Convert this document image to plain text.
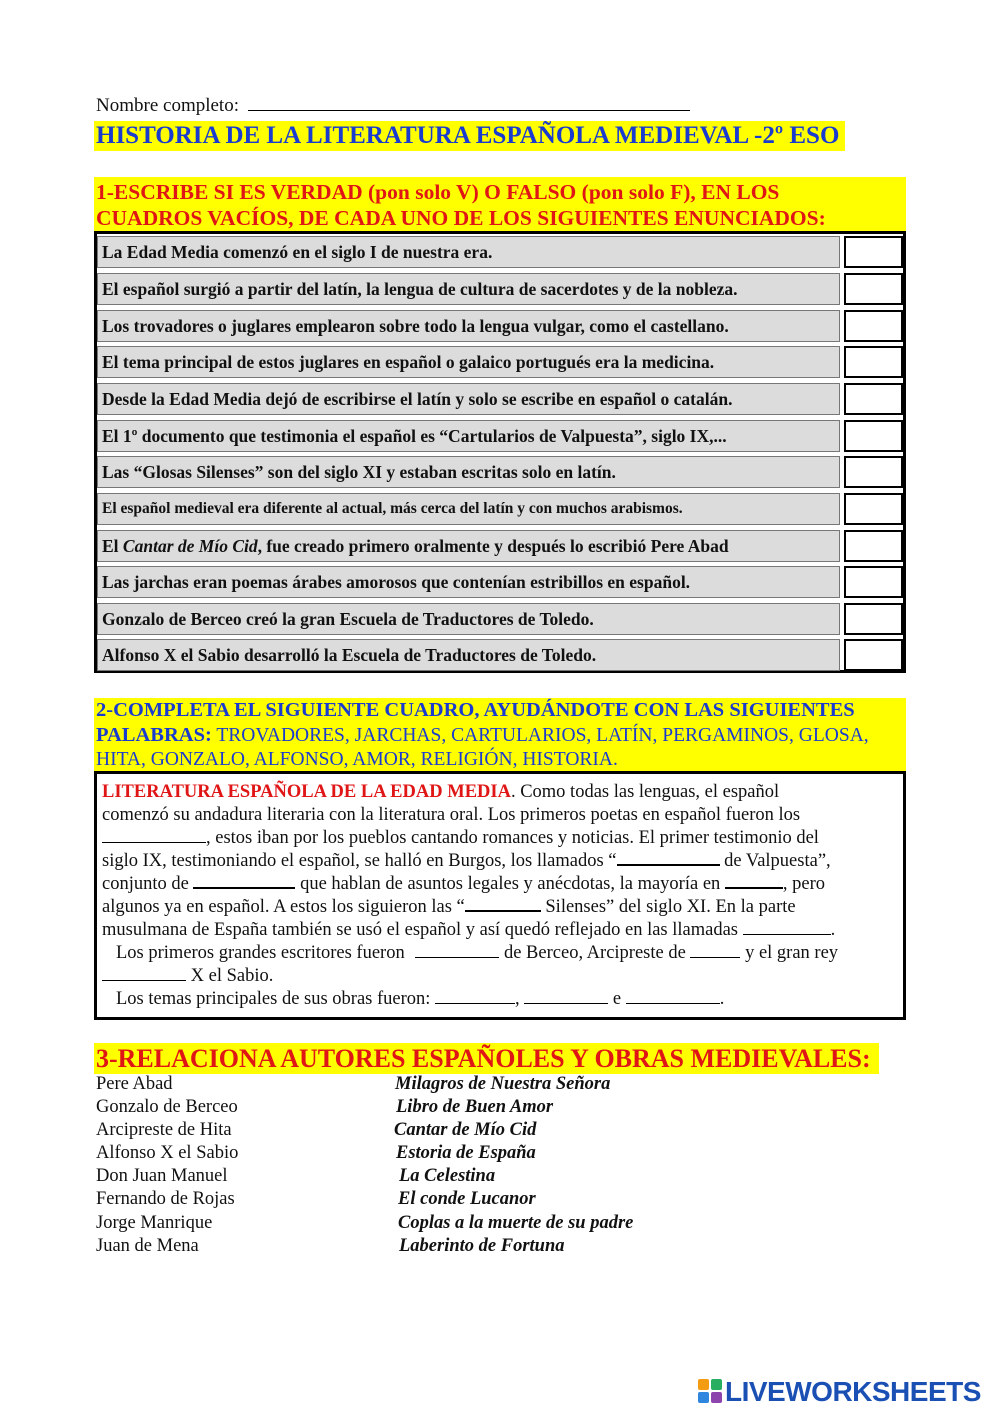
Nombre completo:
HISTORIA DE LA LITERATURA ESPAÑOLA MEDIEVAL -2º ESO
1-ESCRIBE SI ES VERDAD (pon solo V) O FALSO (pon solo F), EN LOS
CUADROS VACÍOS, DE CADA UNO DE LOS SIGUIENTES ENUNCIADOS:
La Edad Media comenzó en el siglo I de nuestra era.
El español surgió a partir del latín, la lengua de cultura de sacerdotes y de la nobleza.
Los trovadores o juglares emplearon sobre todo la lengua vulgar, como el castellano.
El tema principal de estos juglares en español o galaico portugués era la medicina.
Desde la Edad Media dejó de escribirse el latín y solo se escribe en español o catalán.
El 1º documento que testimonia el español es “Cartularios de Valpuesta”, siglo IX,...
Las “Glosas Silenses” son del siglo XI y estaban escritas solo en latín.
El español medieval era diferente al actual, más cerca del latín y con muchos arabismos.
El Cantar de Mío Cid, fue creado primero oralmente y después lo escribió Pere Abad
Las jarchas eran poemas árabes amorosos que contenían estribillos en español.
Gonzalo de Berceo creó la gran Escuela de Traductores de Toledo.
Alfonso X el Sabio desarrolló la Escuela de Traductores de Toledo.
2-COMPLETA EL SIGUIENTE CUADRO, AYUDÁNDOTE CON LAS SIGUIENTES
PALABRAS: TROVADORES, JARCHAS, CARTULARIOS, LATÍN, PERGAMINOS, GLOSA,
HITA, GONZALO, ALFONSO, AMOR, RELIGIÓN, HISTORIA.
LITERATURA ESPAÑOLA DE LA EDAD MEDIA. Como todas las lenguas, el español
comenzó su andadura literaria con la literatura oral. Los primeros poetas en español fueron los
, estos iban por los pueblos cantando romances y noticias. El primer testimonio del
siglo IX, testimoniando el español, se halló en Burgos, los llamados “	de Valpuesta”,
conjunto de	que hablan de asuntos legales y anécdotas, la mayoría en	, pero
algunos ya en español. A estos los siguieron las “	Silenses” del siglo XI. En la parte
musulmana de España también se usó el español y así quedó reflejado en las llamadas	.
Los primeros grandes escritores fueron	de Berceo, Arcipreste de	y el gran rey
X el Sabio.
Los temas principales de sus obras fueron:	,	e	.
3-RELACIONA AUTORES ESPAÑOLES Y OBRAS MEDIEVALES:
Pere Abad	Milagros de Nuestra Señora
Gonzalo de Berceo	Libro de Buen Amor
Arcipreste de Hita	Cantar de Mío Cid
Alfonso X el Sabio	Estoria de España
Don Juan Manuel	La Celestina
Fernando de Rojas	El conde Lucanor
Jorge Manrique	Coplas a la muerte de su padre
Juan de Mena	Laberinto de Fortuna
LIVEWORKSHEETS
